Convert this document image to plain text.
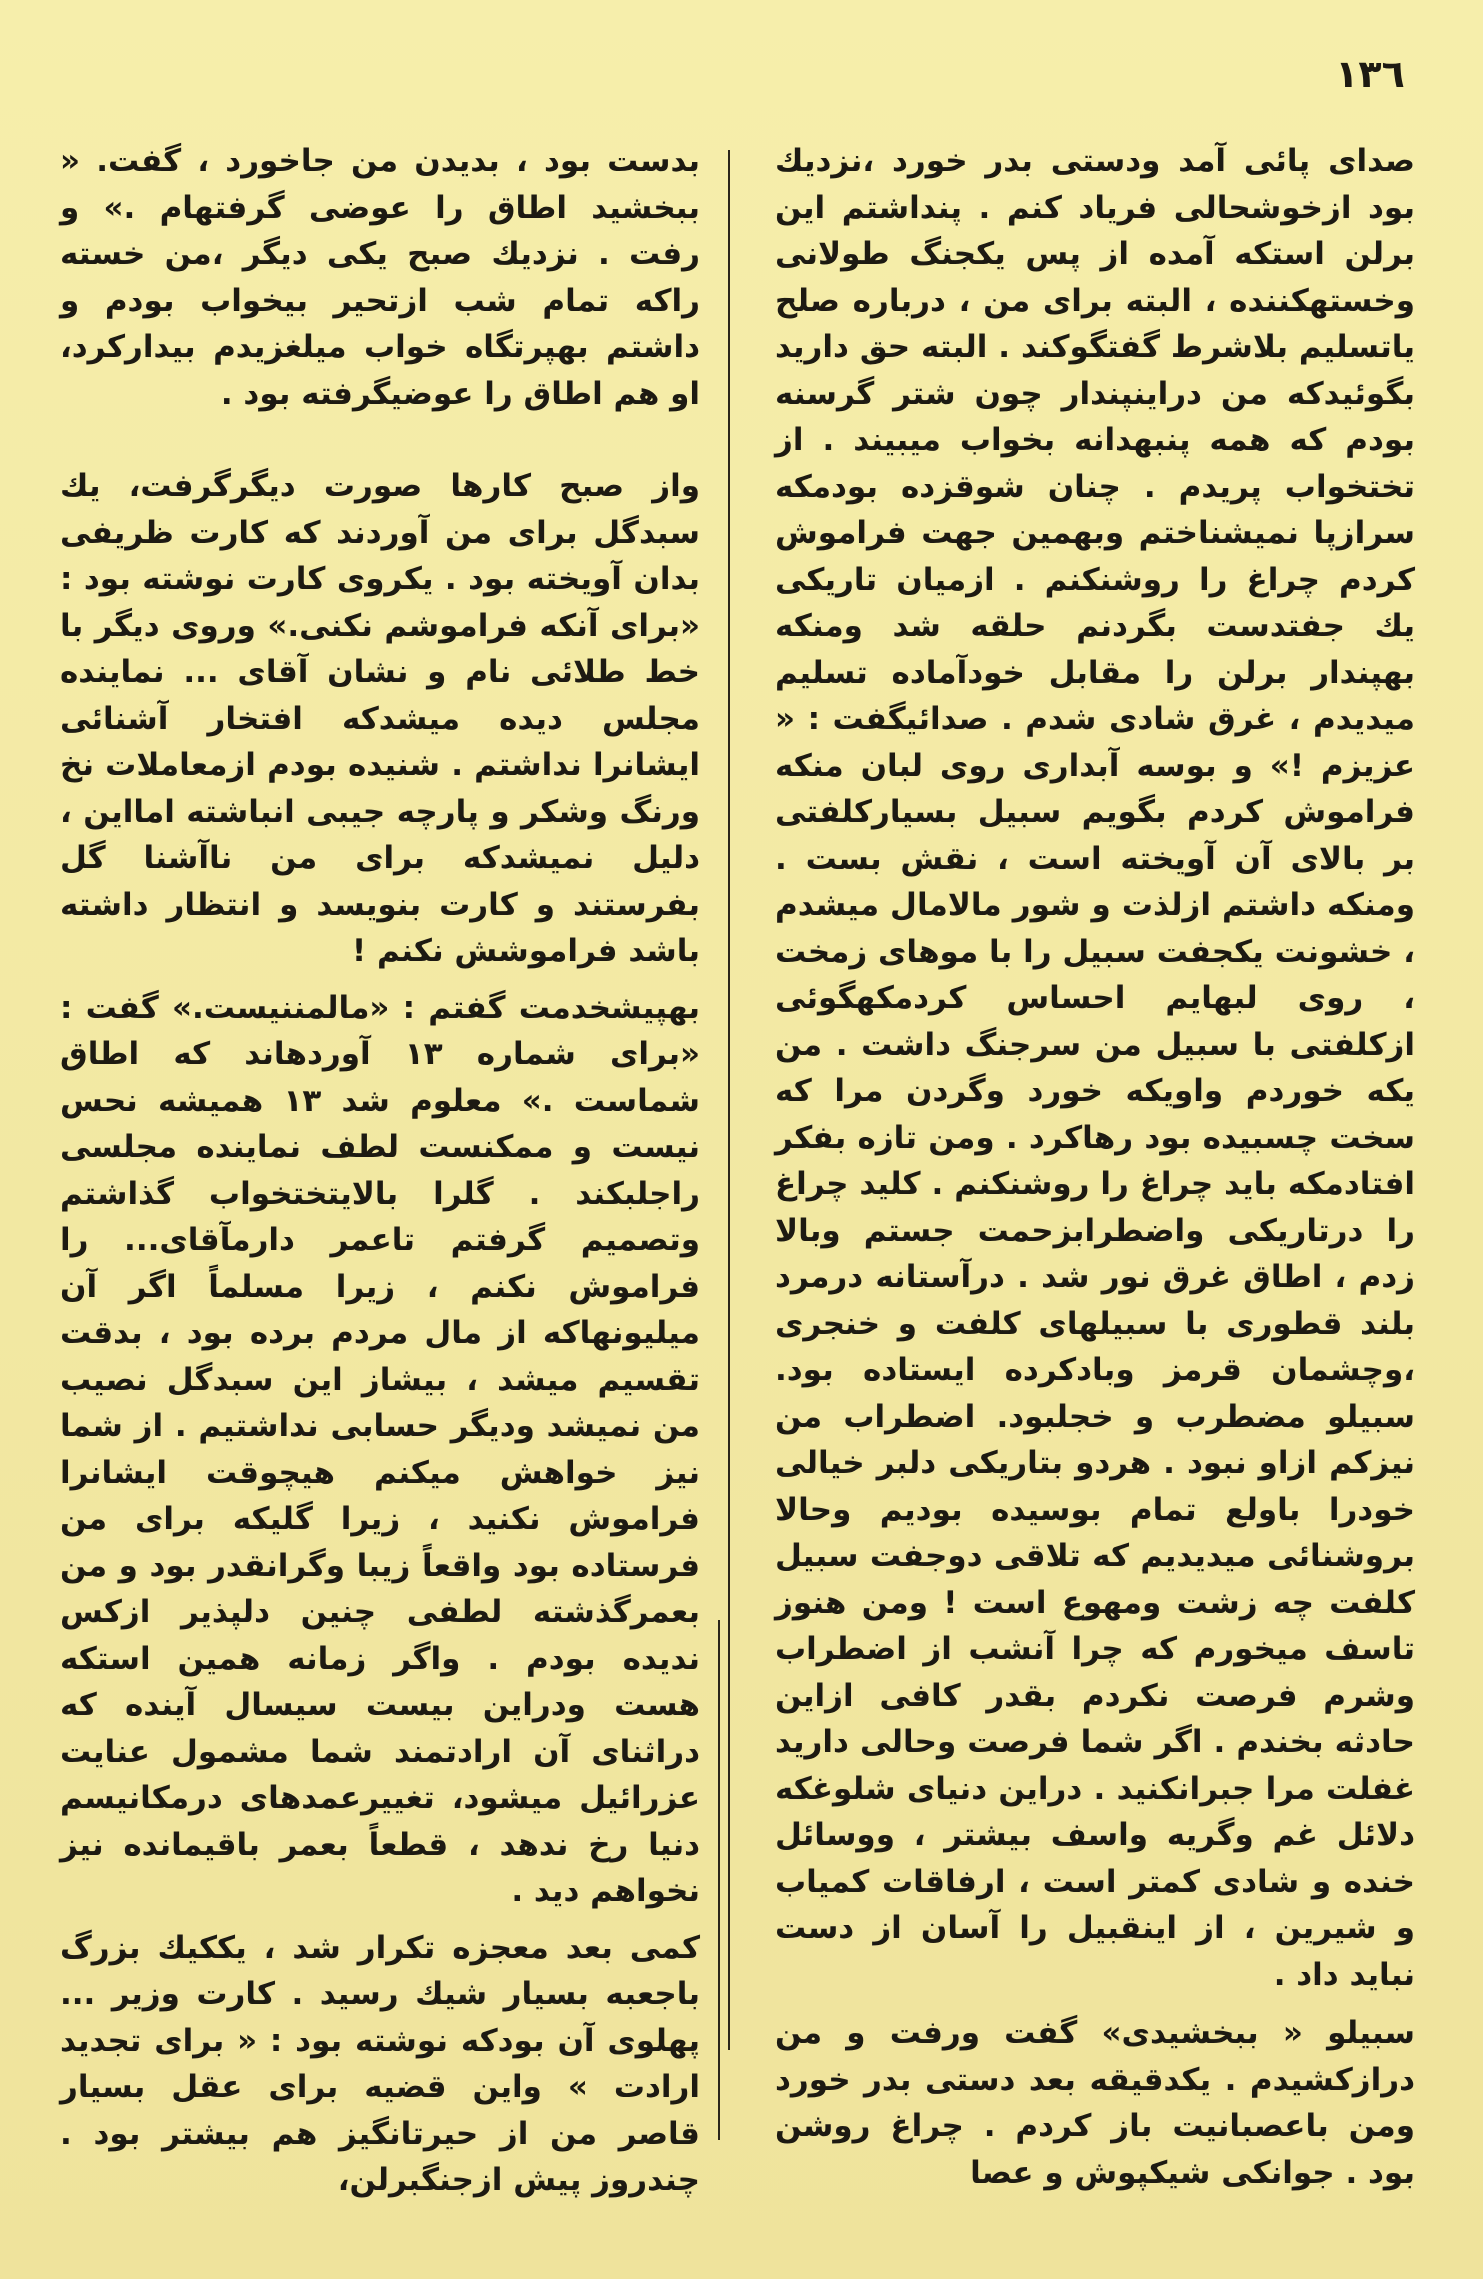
١٣٦

صدای پائی آمد ودستی بدر خورد ،نزدیك بود ازخوشحالی فریاد کنم . پنداشتم این برلن استکه آمده از پس یكجنگ طولانی وخستهکننده ، البته برای من ، درباره صلح یاتسلیم بلاشرط گفتگوکند . البته حق دارید بگوئیدکه من دراینپندار چون شتر گرسنه بودم که همه پنبهدانه بخواب میبیند . از تختخواب پریدم . چنان شوقزده بودمکه سرازپا نمیشناختم وبهمین جهت فراموش کردم چراغ را روشنکنم . ازمیان تاریکی یك جفتدست بگردنم حلقه شد ومنکه بهپندار برلن را مقابل خودآماده تسلیم میدیدم ، غرق شادی شدم . صدائیگفت : « عزیزم !» و بوسه آبداری روی لبان منکه فراموش کردم بگویم سبیل بسیارکلفتی بر بالای آن آویخته است ، نقش بست . ومنکه داشتم ازلذت و شور مالامال میشدم ، خشونت یكجفت سبیل را با موهای زمخت ، روی لبهایم احساس کردمکهگوئی ازکلفتی با سبیل من سرجنگ داشت . من یکه خوردم واویکه خورد وگردن مرا که سخت چسبیده بود رهاکرد . ومن تازه بفکر افتادمکه باید چراغ را روشنکنم . کلید چراغ را درتاریکی واضطرابزحمت جستم وبالا زدم ، اطاق غرق نور شد . درآستانه درمرد بلند قطوری با سبیلهای کلفت و خنجری ،وچشمان قرمز وبادکرده ایستاده بود. سبیلو مضطرب و خجلبود. اضطراب من نیزکم ازاو نبود . هردو بتاریکی دلبر خیالی خودرا باولع تمام بوسیده بودیم وحالا بروشنائی میدیدیم که تلاقی دوجفت سبیل کلفت چه زشت ومهوع است ! ومن هنوز تاسف میخورم که چرا آنشب از اضطراب وشرم فرصت نکردم بقدر کافی ازاین حادثه بخندم . اگر شما فرصت وحالی دارید غفلت مرا جبرانکنید . دراین دنیای شلوغکه دلائل غم وگریه واسف بیشتر ، ووسائل خنده و شادی کمتر است ، ارفاقات کمیاب و شیرین ، از اینقبیل را آسان از دست نباید داد .

سبیلو « ببخشیدی» گفت ورفت و من درازکشیدم . یکدقیقه بعد دستی بدر خورد ومن باعصبانیت باز کردم . چراغ روشن بود . جوانکی شیكپوش و عصا

بدست بود ، بدیدن من جاخورد ، گفت. « ببخشید اطاق را عوضی گرفتهام .» و رفت . نزدیك صبح یکی دیگر ،من خسته راکه تمام شب ازتحیر بیخواب بودم و داشتم بهپرتگاه خواب میلغزیدم بیدارکرد، او هم اطاق را عوضیگرفته بود .

واز صبح کارها صورت دیگرگرفت، یك سبدگل برای من آوردند که کارت ظریفی بدان آویخته بود . یكروی کارت نوشته بود : «برای آنکه فراموشم نکنی.» وروی دیگر با خط طلائی نام و نشان آقای ... نماینده مجلس دیده میشدکه افتخار آشنائی ایشانرا نداشتم . شنیده بودم ازمعاملات نخ ورنگ وشکر و پارچه جیبی انباشته امااین ، دلیل نمیشدکه برای من ناآشنا گل بفرستند و کارت بنویسد و انتظار داشته باشد فراموشش نکنم !

بهپیشخدمت گفتم : «مالمننیست.» گفت : «برای شماره ١٣ آوردهاند که اطاق شماست .» معلوم شد ١٣ همیشه نحس نیست و ممکنست لطف نماینده مجلسی راجلبکند . گلرا بالایتختخواب گذاشتم وتصمیم گرفتم تاعمر دارمآقای... را فراموش نکنم ، زیرا مسلماً اگر آن میلیونهاکه از مال مردم برده بود ، بدقت تقسیم میشد ، بیشاز این سبدگل نصیب من نمیشد ودیگر حسابی نداشتیم . از شما نیز خواهش میکنم هیچوقت ایشانرا فراموش نکنید ، زیرا گلیکه برای من فرستاده بود واقعاً زیبا وگرانقدر بود و من بعمرگذشته لطفی چنین دلپذیر ازکس ندیده بودم . واگر زمانه همین استکه هست ودراین بیست سیسال آینده که دراثنای آن ارادتمند شما مشمول عنایت عزرائیل میشود، تغییرعمدهای درمکانیسم دنیا رخ ندهد ، قطعاً بعمر باقیمانده نیز نخواهم دید .

کمی بعد معجزه تکرار شد ، يككيك بزرگ باجعبه بسیار شیك رسید . کارت وزیر ... پهلوی آن بودکه نوشته بود : « برای تجدید ارادت » واین قضیه برای عقل بسیار قاصر من از حیرتانگیز هم بیشتر بود . چندروز پیش ازجنگبرلن،
